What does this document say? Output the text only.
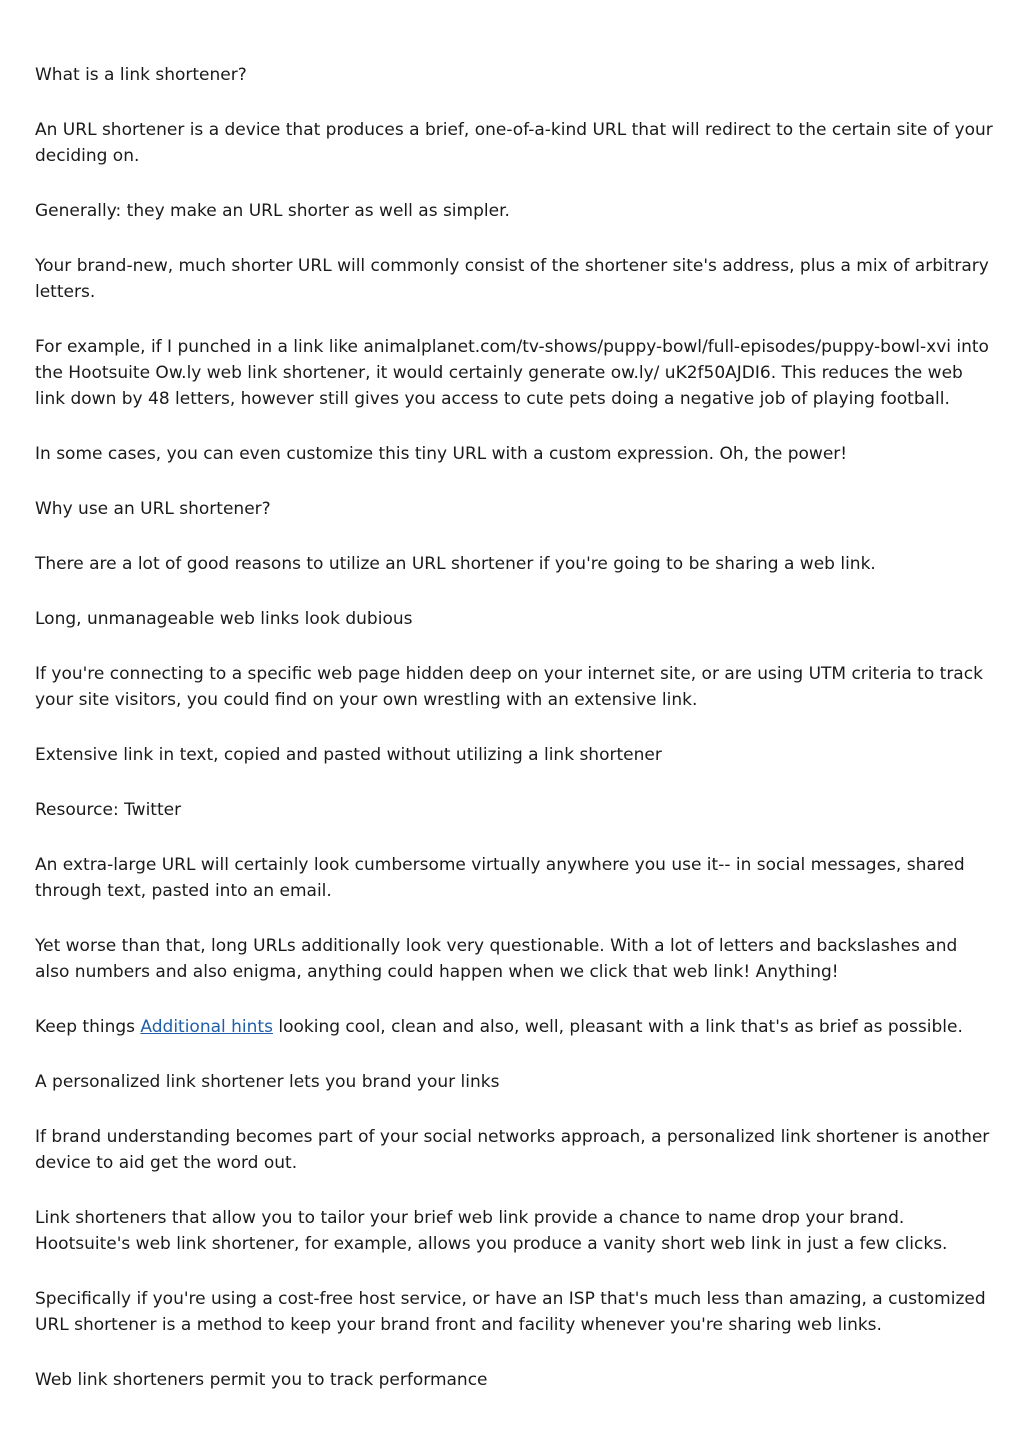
What is a link shortener?

An URL shortener is a device that produces a brief, one-of-a-kind URL that will redirect to the certain site of your deciding on.

Generally: they make an URL shorter as well as simpler.

Your brand-new, much shorter URL will commonly consist of the shortener site's address, plus a mix of arbitrary letters.

For example, if I punched in a link like animalplanet.com/tv-shows/puppy-bowl/full-episodes/puppy-bowl-xvi into the Hootsuite Ow.ly web link shortener, it would certainly generate ow.ly/ uK2f50AJDI6. This reduces the web link down by 48 letters, however still gives you access to cute pets doing a negative job of playing football.

In some cases, you can even customize this tiny URL with a custom expression. Oh, the power!

Why use an URL shortener?

There are a lot of good reasons to utilize an URL shortener if you're going to be sharing a web link.

Long, unmanageable web links look dubious

If you're connecting to a specific web page hidden deep on your internet site, or are using UTM criteria to track your site visitors, you could find on your own wrestling with an extensive link.

Extensive link in text, copied and pasted without utilizing a link shortener

Resource: Twitter

An extra-large URL will certainly look cumbersome virtually anywhere you use it-- in social messages, shared through text, pasted into an email.

Yet worse than that, long URLs additionally look very questionable. With a lot of letters and backslashes and also numbers and also enigma, anything could happen when we click that web link! Anything!

Keep things Additional hints looking cool, clean and also, well, pleasant with a link that's as brief as possible.

A personalized link shortener lets you brand your links

If brand understanding becomes part of your social networks approach, a personalized link shortener is another device to aid get the word out.

Link shorteners that allow you to tailor your brief web link provide a chance to name drop your brand. Hootsuite's web link shortener, for example, allows you produce a vanity short web link in just a few clicks.

Specifically if you're using a cost-free host service, or have an ISP that's much less than amazing, a customized URL shortener is a method to keep your brand front and facility whenever you're sharing web links.

Web link shorteners permit you to track performance
